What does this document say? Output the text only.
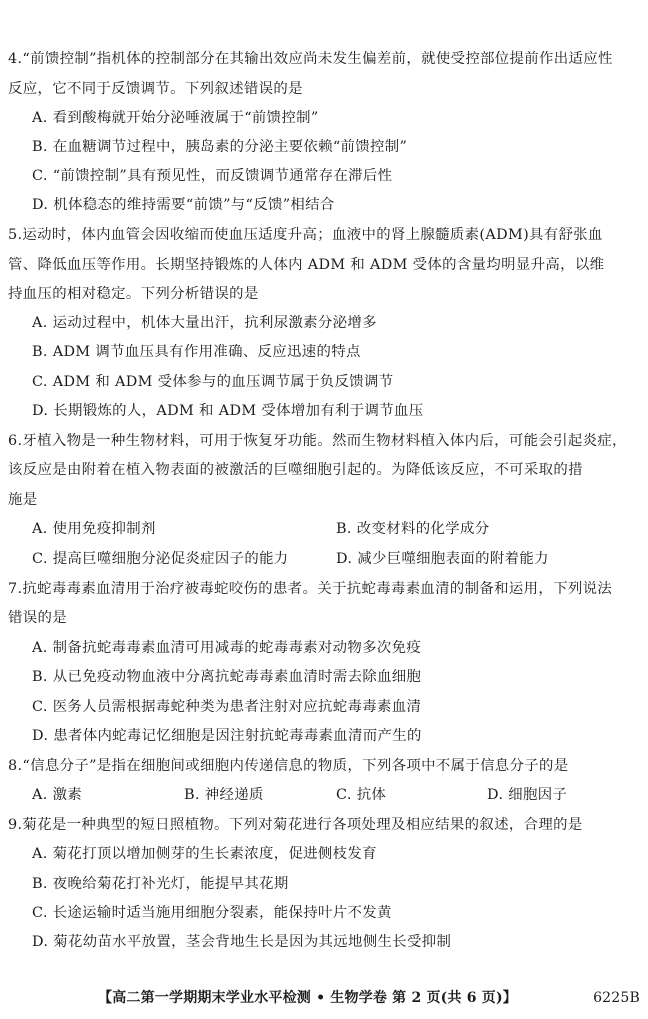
4.“前馈控制”指机体的控制部分在其输出效应尚未发生偏差前，就使受控部位提前作出适应性
反应，它不同于反馈调节。下列叙述错误的是
A. 看到酸梅就开始分泌唾液属于“前馈控制”
B. 在血糖调节过程中，胰岛素的分泌主要依赖“前馈控制”
C. “前馈控制”具有预见性，而反馈调节通常存在滞后性
D. 机体稳态的维持需要“前馈”与“反馈”相结合
5.运动时，体内血管会因收缩而使血压适度升高；血液中的肾上腺髓质素(ADM)具有舒张血
管、降低血压等作用。长期坚持锻炼的人体内 ADM 和 ADM 受体的含量均明显升高，以维
持血压的相对稳定。下列分析错误的是
A. 运动过程中，机体大量出汗，抗利尿激素分泌增多
B. ADM 调节血压具有作用准确、反应迅速的特点
C. ADM 和 ADM 受体参与的血压调节属于负反馈调节
D. 长期锻炼的人，ADM 和 ADM 受体增加有利于调节血压
6.牙植入物是一种生物材料，可用于恢复牙功能。然而生物材料植入体内后，可能会引起炎症，
该反应是由附着在植入物表面的被激活的巨噬细胞引起的。为降低该反应，不可采取的措
施是
A. 使用免疫抑制剂	B. 改变材料的化学成分
C. 提高巨噬细胞分泌促炎症因子的能力	D. 减少巨噬细胞表面的附着能力
7.抗蛇毒毒素血清用于治疗被毒蛇咬伤的患者。关于抗蛇毒毒素血清的制备和运用，下列说法
错误的是
A. 制备抗蛇毒毒素血清可用减毒的蛇毒毒素对动物多次免疫
B. 从已免疫动物血液中分离抗蛇毒毒素血清时需去除血细胞
C. 医务人员需根据毒蛇种类为患者注射对应抗蛇毒毒素血清
D. 患者体内蛇毒记忆细胞是因注射抗蛇毒毒素血清而产生的
8.“信息分子”是指在细胞间或细胞内传递信息的物质，下列各项中不属于信息分子的是
A. 激素	B. 神经递质	C. 抗体	D. 细胞因子
9.菊花是一种典型的短日照植物。下列对菊花进行各项处理及相应结果的叙述，合理的是
A. 菊花打顶以增加侧芽的生长素浓度，促进侧枝发育
B. 夜晚给菊花打补光灯，能提早其花期
C. 长途运输时适当施用细胞分裂素，能保持叶片不发黄
D. 菊花幼苗水平放置，茎会背地生长是因为其远地侧生长受抑制
【高二第一学期期末学业水平检测 • 生物学卷 第 2 页(共 6 页)】	6225B
